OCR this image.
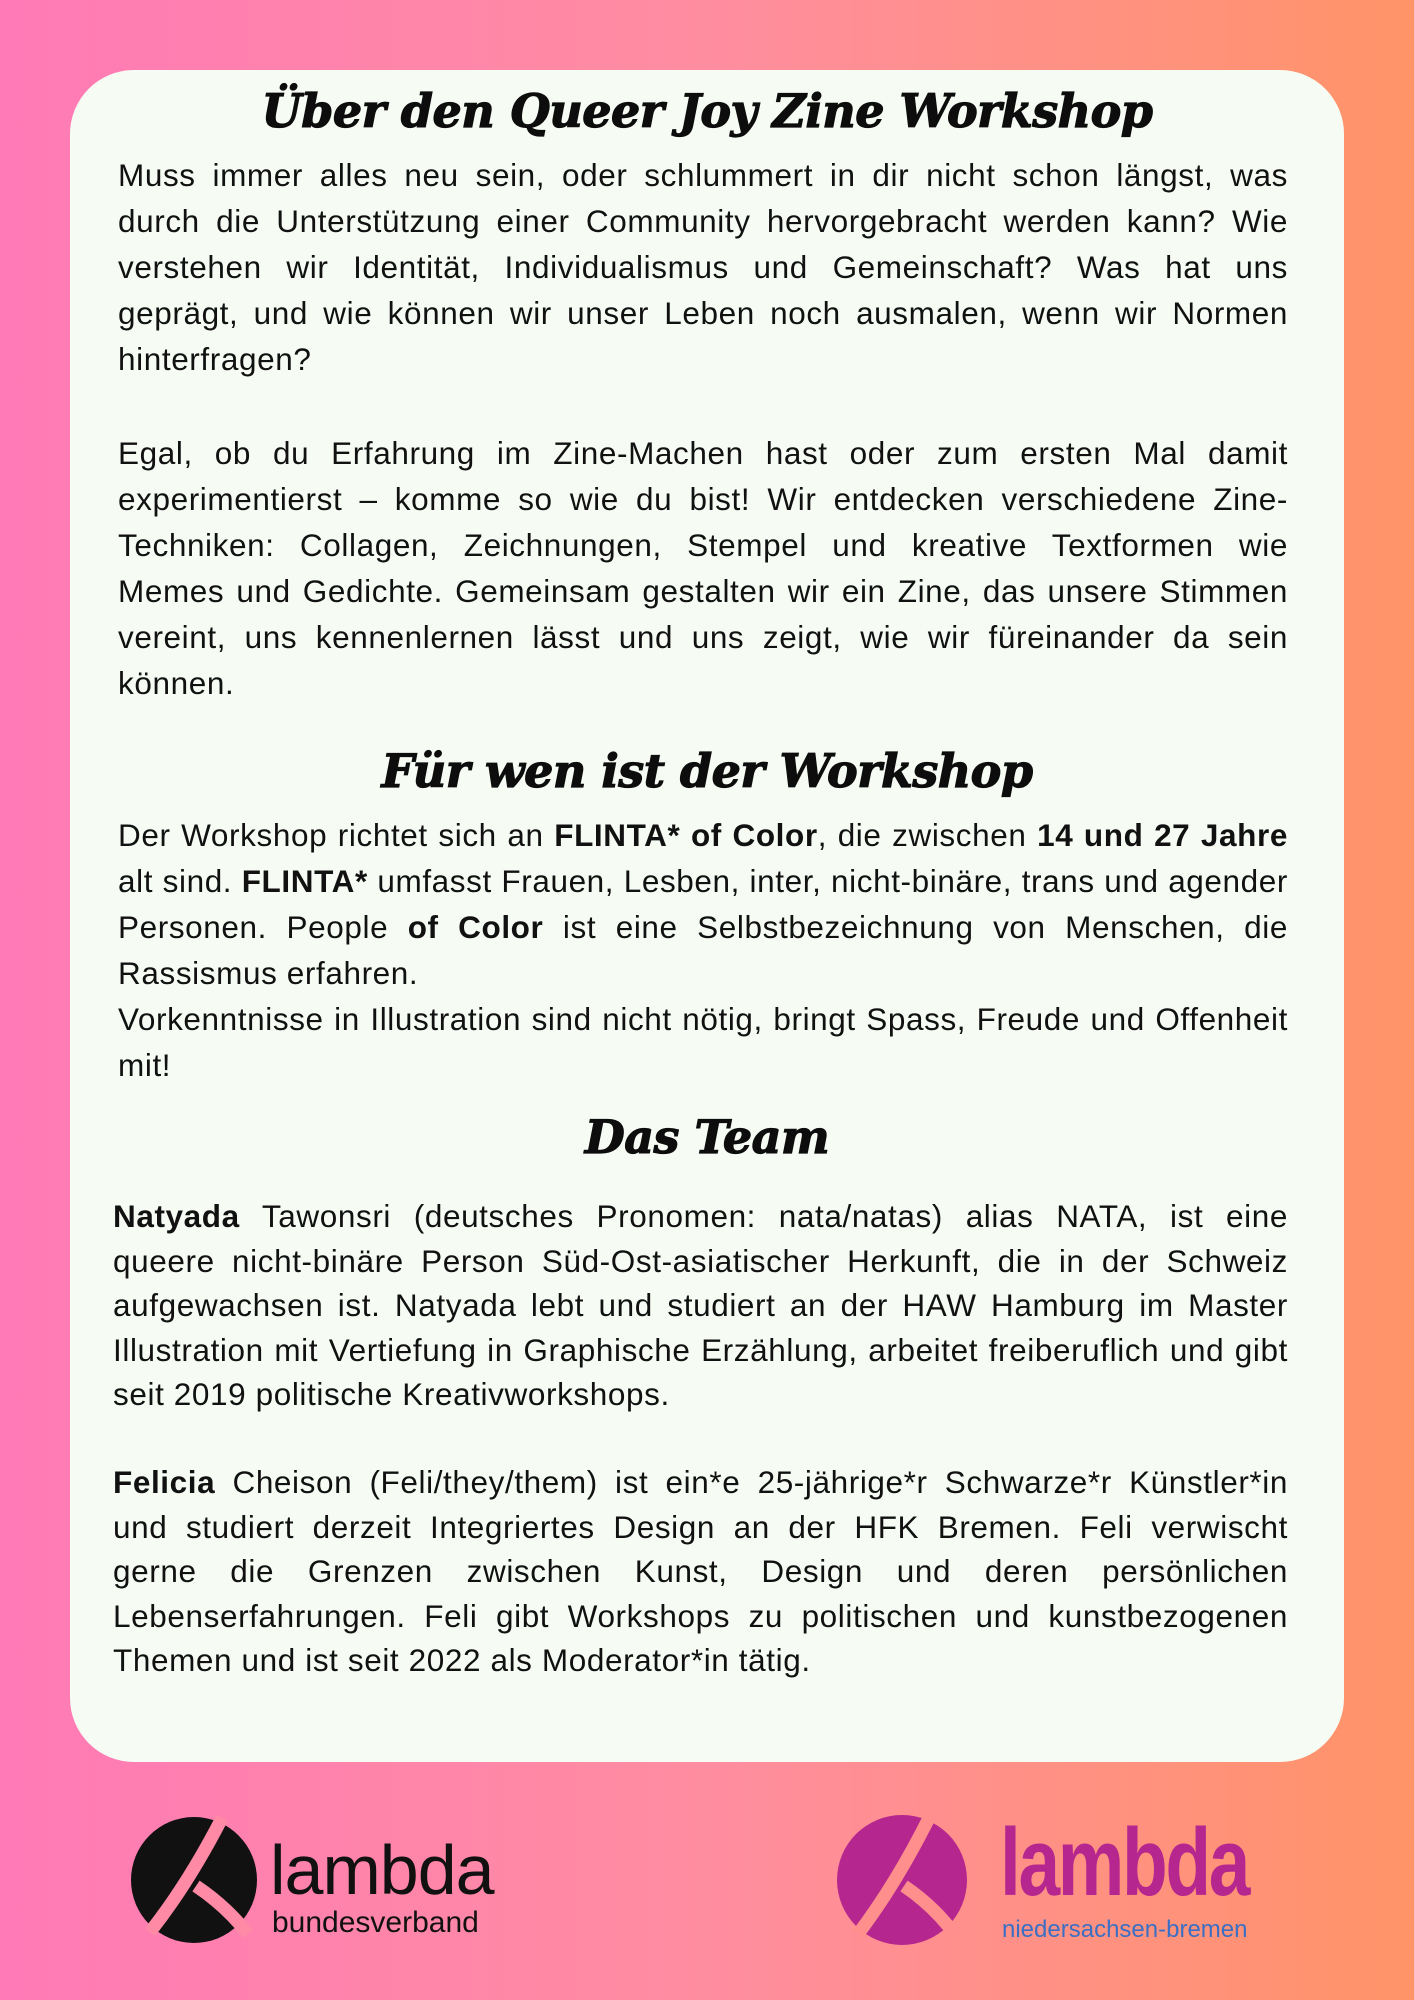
Über den Queer Joy Zine Workshop

Muss immer alles neu sein, oder schlummert in dir nicht schon längst, was durch die Unterstützung einer Community hervorgebracht werden kann? Wie verstehen wir Identität, Individualismus und Gemeinschaft? Was hat uns geprägt, und wie können wir unser Leben noch ausmalen, wenn wir Normen hinterfragen?

Egal, ob du Erfahrung im Zine-Machen hast oder zum ersten Mal damit experimentierst – komme so wie du bist! Wir entdecken verschiedene Zine-Techniken: Collagen, Zeichnungen, Stempel und kreative Textformen wie Memes und Gedichte. Gemeinsam gestalten wir ein Zine, das unsere Stimmen vereint, uns kennenlernen lässt und uns zeigt, wie wir füreinander da sein können.

Für wen ist der Workshop

Der Workshop richtet sich an FLINTA* of Color, die zwischen 14 und 27 Jahre alt sind. FLINTA* umfasst Frauen, Lesben, inter, nicht-binäre, trans und agender Personen. People of Color ist eine Selbstbezeichnung von Menschen, die Rassismus erfahren.
Vorkenntnisse in Illustration sind nicht nötig, bringt Spass, Freude und Offenheit mit!

Das Team

Natyada Tawonsri (deutsches Pronomen: nata/natas) alias NATA, ist eine queere nicht-binäre Person Süd-Ost-asiatischer Herkunft, die in der Schweiz aufgewachsen ist. Natyada lebt und studiert an der HAW Hamburg im Master Illustration mit Vertiefung in Graphische Erzählung, arbeitet freiberuflich und gibt seit 2019 politische Kreativworkshops.

Felicia Cheison (Feli/they/them) ist ein*e 25-jährige*r Schwarze*r Künstler*in und studiert derzeit Integriertes Design an der HFK Bremen. Feli verwischt gerne die Grenzen zwischen Kunst, Design und deren persönlichen Lebenserfahrungen. Feli gibt Workshops zu politischen und kunstbezogenen Themen und ist seit 2022 als Moderator*in tätig.

lambda
bundesverband
lambda
niedersachsen-bremen
